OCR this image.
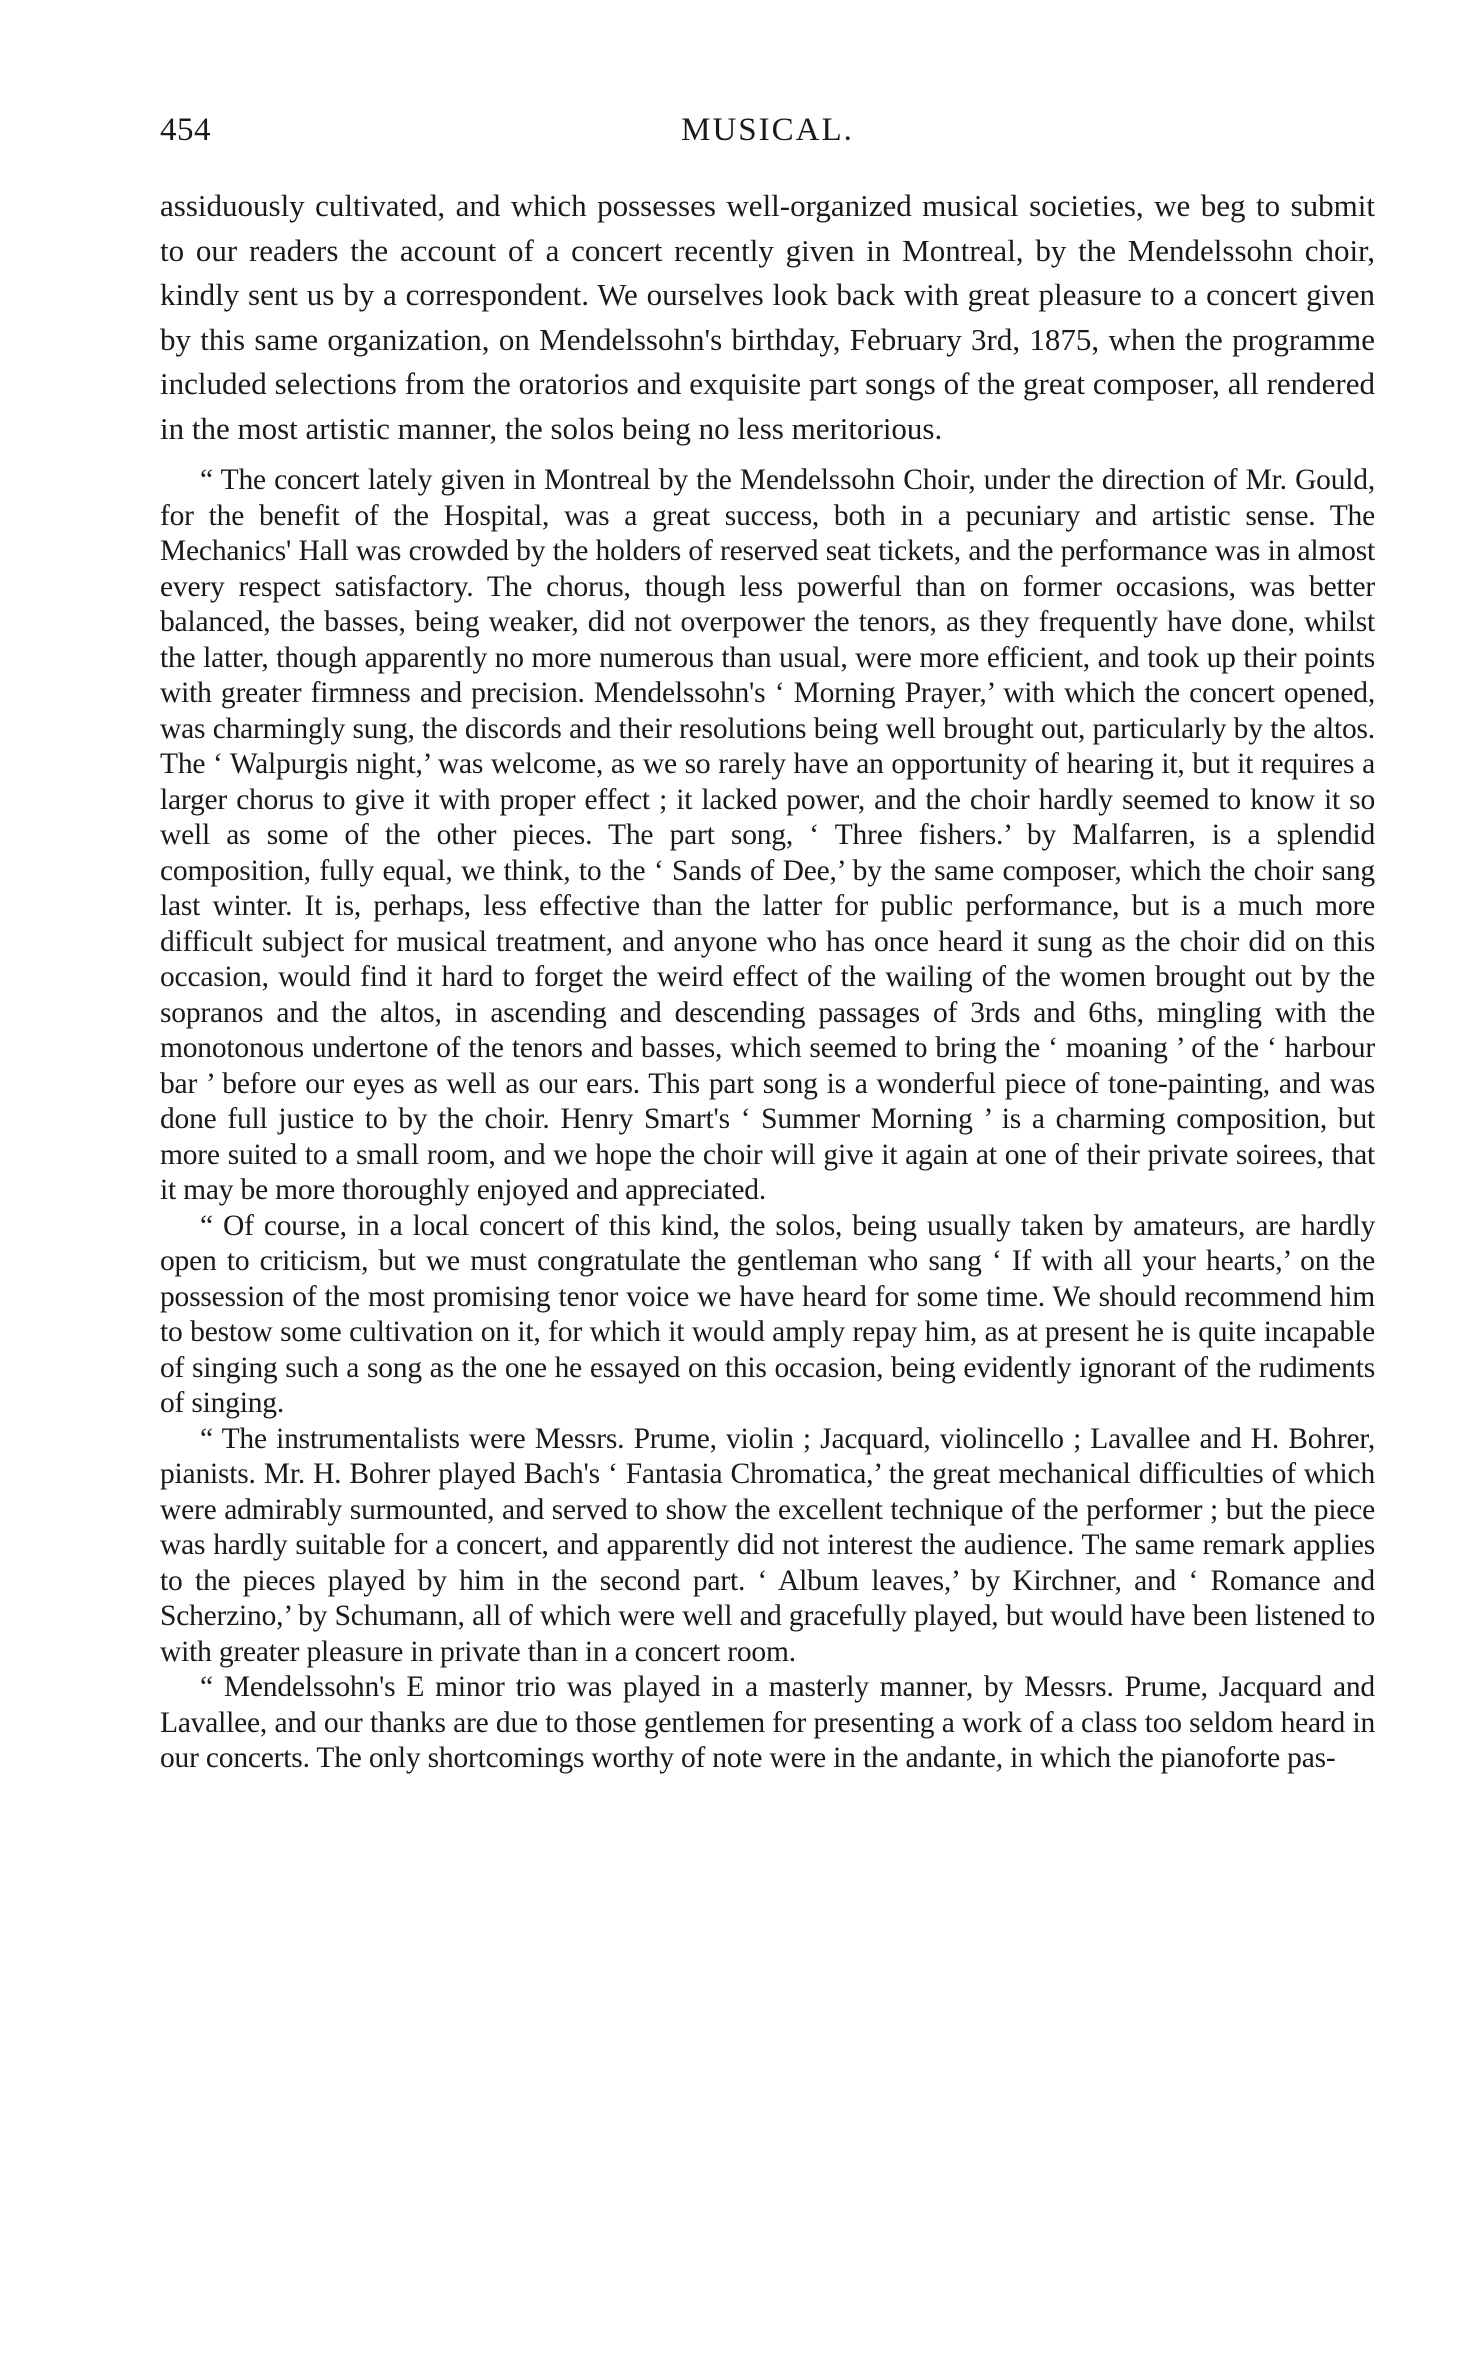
454	MUSICAL.

assiduously cultivated, and which possesses well-organized musical societies, we beg to submit to our readers the account of a concert recently given in Montreal, by the Mendelssohn choir, kindly sent us by a correspondent. We ourselves look back with great pleasure to a concert given by this same organization, on Mendelssohn's birthday, February 3rd, 1875, when the programme included selections from the oratorios and exquisite part songs of the great composer, all rendered in the most artistic manner, the solos being no less meritorious.

“ The concert lately given in Montreal by the Mendelssohn Choir, under the direction of Mr. Gould, for the benefit of the Hospital, was a great success, both in a pecuniary and artistic sense. The Mechanics' Hall was crowded by the holders of reserved seat tickets, and the performance was in almost every respect satisfactory. The chorus, though less powerful than on former occasions, was better balanced, the basses, being weaker, did not overpower the tenors, as they frequently have done, whilst the latter, though apparently no more numerous than usual, were more efficient, and took up their points with greater firmness and precision. Mendelssohn's ‘ Morning Prayer,’ with which the concert opened, was charmingly sung, the discords and their resolutions being well brought out, particularly by the altos. The ‘ Walpurgis night,’ was welcome, as we so rarely have an opportunity of hearing it, but it requires a larger chorus to give it with proper effect ; it lacked power, and the choir hardly seemed to know it so well as some of the other pieces. The part song, ‘ Three fishers.’ by Malfarren, is a splendid composition, fully equal, we think, to the ‘ Sands of Dee,’ by the same composer, which the choir sang last winter. It is, perhaps, less effective than the latter for public performance, but is a much more difficult subject for musical treatment, and anyone who has once heard it sung as the choir did on this occasion, would find it hard to forget the weird effect of the wailing of the women brought out by the sopranos and the altos, in ascending and descending passages of 3rds and 6ths, mingling with the monotonous undertone of the tenors and basses, which seemed to bring the ‘ moaning ’ of the ‘ harbour bar ’ before our eyes as well as our ears. This part song is a wonderful piece of tone-painting, and was done full justice to by the choir. Henry Smart's ‘ Summer Morning ’ is a charming composition, but more suited to a small room, and we hope the choir will give it again at one of their private soirees, that it may be more thoroughly enjoyed and appreciated.

“ Of course, in a local concert of this kind, the solos, being usually taken by amateurs, are hardly open to criticism, but we must congratulate the gentleman who sang ‘ If with all your hearts,’ on the possession of the most promising tenor voice we have heard for some time. We should recommend him to bestow some cultivation on it, for which it would amply repay him, as at present he is quite incapable of singing such a song as the one he essayed on this occasion, being evidently ignorant of the rudiments of singing.

“ The instrumentalists were Messrs. Prume, violin ; Jacquard, violincello ; Lavallee and H. Bohrer, pianists. Mr. H. Bohrer played Bach's ‘ Fantasia Chromatica,’ the great mechanical difficulties of which were admirably surmounted, and served to show the excellent technique of the performer ; but the piece was hardly suitable for a concert, and apparently did not interest the audience. The same remark applies to the pieces played by him in the second part. ‘ Album leaves,’ by Kirchner, and ‘ Romance and Scherzino,’ by Schumann, all of which were well and gracefully played, but would have been listened to with greater pleasure in private than in a concert room.

“ Mendelssohn's E minor trio was played in a masterly manner, by Messrs. Prume, Jacquard and Lavallee, and our thanks are due to those gentlemen for presenting a work of a class too seldom heard in our concerts. The only shortcomings worthy of note were in the andante, in which the pianoforte pas-
